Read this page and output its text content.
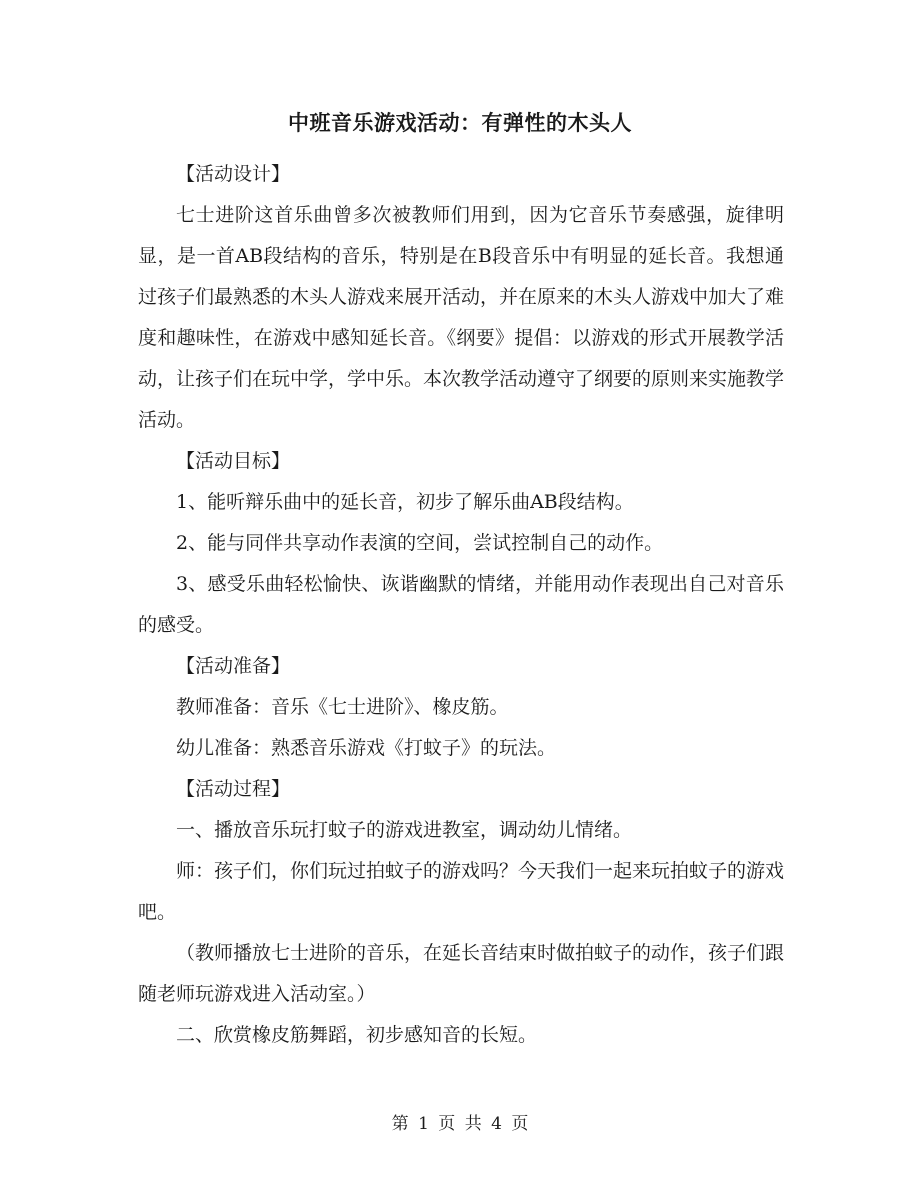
中班音乐游戏活动：有弹性的木头人

【活动设计】

七士进阶这首乐曲曾多次被教师们用到，因为它音乐节奏感强，旋律明显，是一首AB段结构的音乐，特别是在B段音乐中有明显的延长音。我想通过孩子们最熟悉的木头人游戏来展开活动，并在原来的木头人游戏中加大了难度和趣味性，在游戏中感知延长音。《纲要》提倡：以游戏的形式开展教学活动，让孩子们在玩中学，学中乐。本次教学活动遵守了纲要的原则来实施教学活动。

【活动目标】

1、能听辩乐曲中的延长音，初步了解乐曲AB段结构。

2、能与同伴共享动作表演的空间，尝试控制自己的动作。

3、感受乐曲轻松愉快、诙谐幽默的情绪，并能用动作表现出自己对音乐的感受。

【活动准备】

教师准备：音乐《七士进阶》、橡皮筋。

幼儿准备：熟悉音乐游戏《打蚊子》的玩法。

【活动过程】

一、播放音乐玩打蚊子的游戏进教室，调动幼儿情绪。

师：孩子们，你们玩过拍蚊子的游戏吗？今天我们一起来玩拍蚊子的游戏吧。

（教师播放七士进阶的音乐，在延长音结束时做拍蚊子的动作，孩子们跟随老师玩游戏进入活动室。）

二、欣赏橡皮筋舞蹈，初步感知音的长短。

第 1 页 共 4 页
